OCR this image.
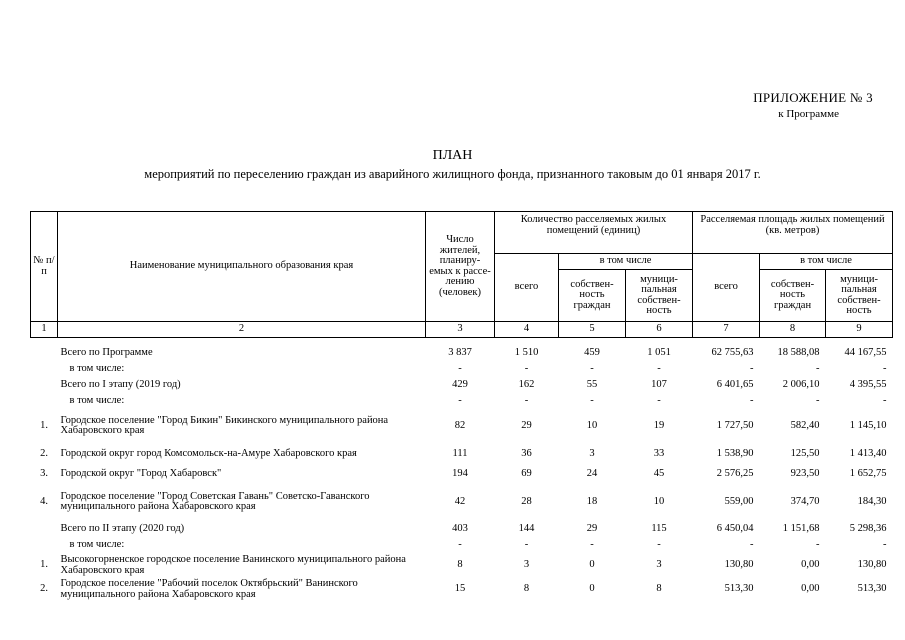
ПРИЛОЖЕНИЕ № 3
к Программе
ПЛАН
мероприятий по переселению граждан из аварийного жилищного фонда, признанного таковым до 01 января 2017 г.
№ п/п	Наименование муниципального образования края	Число жителей, планиру- емых к рассе- лению (человек)	Количество расселяемых жилых помещений (единиц)			Расселяемая площадь жилых помещений (кв. метров)		
			всего	в том числе		всего	в том числе	
				собствен- ность граждан	муници- пальная собствен- ность		собствен- ность граждан	муници- пальная собствен- ность
1	2	3	4	5	6	7	8	9

	Всего по Программе	3 837	1 510	459	1 051	62 755,63	18 588,08	44 167,55
	в том числе:	-	-	-	-	-	-	-
	Всего по I этапу (2019 год)	429	162	55	107	6 401,65	2 006,10	4 395,55
	в том числе:	-	-	-	-	-	-	-
1.	Городское поселение "Город Бикин" Бикинского муниципального района Хабаровского края	82	29	10	19	1 727,50	582,40	1 145,10
2.	Городской округ город Комсомольск-на-Амуре Хабаровского края	111	36	3	33	1 538,90	125,50	1 413,40
3.	Городской округ "Город Хабаровск"	194	69	24	45	2 576,25	923,50	1 652,75
4.	Городское поселение "Город Советская Гавань" Советско-Гаванского муниципального района Хабаровского края	42	28	18	10	559,00	374,70	184,30
	Всего по II этапу (2020 год)	403	144	29	115	6 450,04	1 151,68	5 298,36
	в том числе:	-	-	-	-	-	-	-
1.	Высокогорненское городское поселение Ванинского муниципального района Хабаровского края	8	3	0	3	130,80	0,00	130,80
2.	Городское поселение "Рабочий поселок Октябрьский" Ванинского муниципального района Хабаровского края	15	8	0	8	513,30	0,00	513,30
